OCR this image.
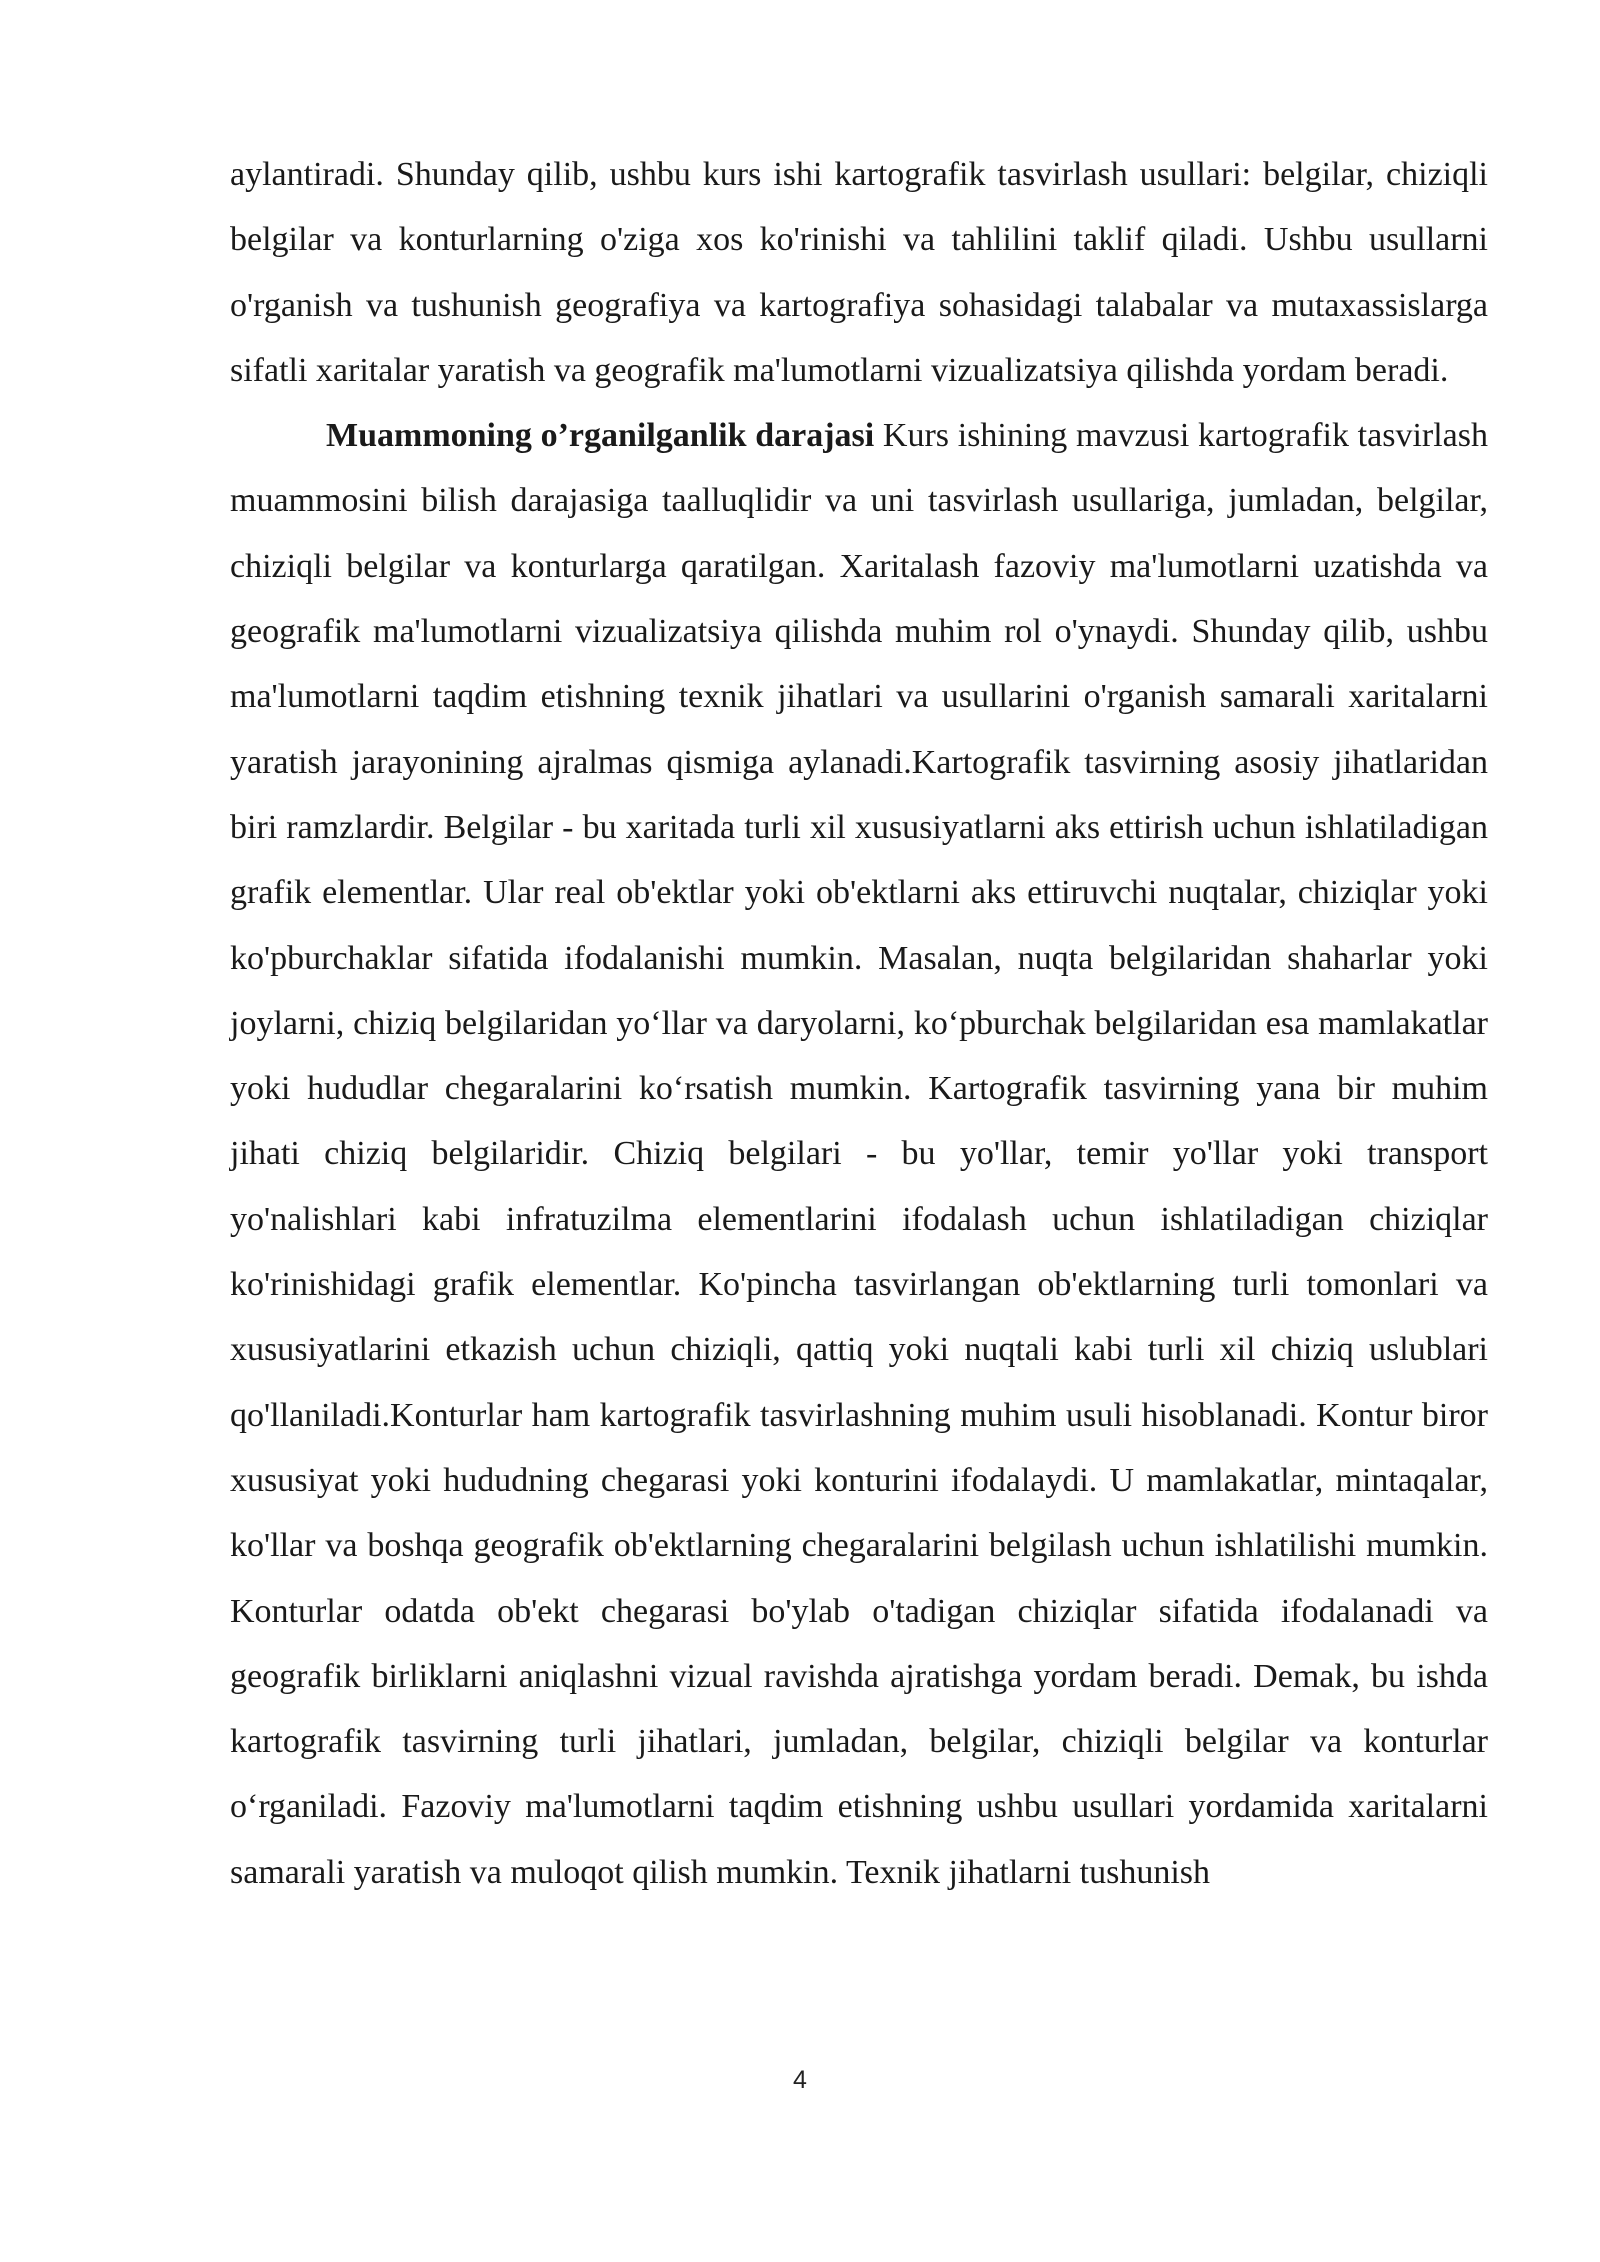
aylantiradi. Shunday qilib, ushbu kurs ishi kartografik tasvirlash usullari: belgilar, chiziqli belgilar va konturlarning o'ziga xos ko'rinishi va tahlilini taklif qiladi. Ushbu usullarni o'rganish va tushunish geografiya va kartografiya sohasidagi talabalar va mutaxassislarga sifatli xaritalar yaratish va geografik ma'lumotlarni vizualizatsiya qilishda yordam beradi.

Muammoning o’rganilganlik darajasi Kurs ishining mavzusi kartografik tasvirlash muammosini bilish darajasiga taalluqlidir va uni tasvirlash usullariga, jumladan, belgilar, chiziqli belgilar va konturlarga qaratilgan. Xaritalash fazoviy ma'lumotlarni uzatishda va geografik ma'lumotlarni vizualizatsiya qilishda muhim rol o'ynaydi. Shunday qilib, ushbu ma'lumotlarni taqdim etishning texnik jihatlari va usullarini o'rganish samarali xaritalarni yaratish jarayonining ajralmas qismiga aylanadi.Kartografik tasvirning asosiy jihatlaridan biri ramzlardir. Belgilar - bu xaritada turli xil xususiyatlarni aks ettirish uchun ishlatiladigan grafik elementlar. Ular real ob'ektlar yoki ob'ektlarni aks ettiruvchi nuqtalar, chiziqlar yoki ko'pburchaklar sifatida ifodalanishi mumkin. Masalan, nuqta belgilaridan shaharlar yoki joylarni, chiziq belgilaridan yo‘llar va daryolarni, ko‘pburchak belgilaridan esa mamlakatlar yoki hududlar chegaralarini ko‘rsatish mumkin. Kartografik tasvirning yana bir muhim jihati chiziq belgilaridir. Chiziq belgilari - bu yo'llar, temir yo'llar yoki transport yo'nalishlari kabi infratuzilma elementlarini ifodalash uchun ishlatiladigan chiziqlar ko'rinishidagi grafik elementlar. Ko'pincha tasvirlangan ob'ektlarning turli tomonlari va xususiyatlarini etkazish uchun chiziqli, qattiq yoki nuqtali kabi turli xil chiziq uslublari qo'llaniladi.Konturlar ham kartografik tasvirlashning muhim usuli hisoblanadi. Kontur biror xususiyat yoki hududning chegarasi yoki konturini ifodalaydi. U mamlakatlar, mintaqalar, ko'llar va boshqa geografik ob'ektlarning chegaralarini belgilash uchun ishlatilishi mumkin. Konturlar odatda ob'ekt chegarasi bo'ylab o'tadigan chiziqlar sifatida ifodalanadi va geografik birliklarni aniqlashni vizual ravishda ajratishga yordam beradi. Demak, bu ishda kartografik tasvirning turli jihatlari, jumladan, belgilar, chiziqli belgilar va konturlar o‘rganiladi. Fazoviy ma'lumotlarni taqdim etishning ushbu usullari yordamida xaritalarni samarali yaratish va muloqot qilish mumkin. Texnik jihatlarni tushunish

4
